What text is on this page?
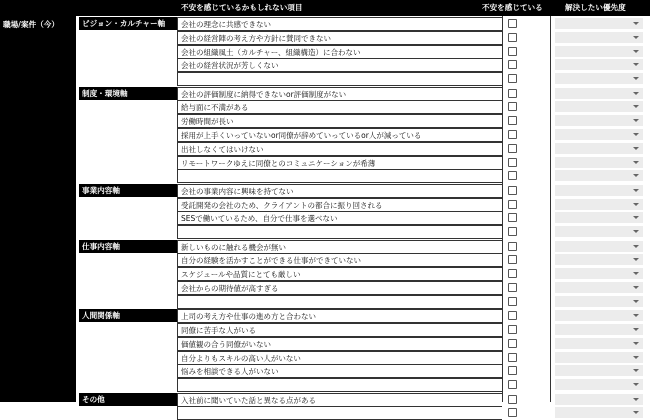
不安を感じているかもしれない項目	不安を感じている	解決したい優先度
職場/案件（今）	ビジョン・カルチャー軸	会社の理念に共感できない
会社の経営陣の考え方や方針に賛同できない
会社の組織風土（カルチャー、組織構造）に合わない
会社の経営状況が芳しくない
制度・環境軸	会社の評価制度に納得できないor評価制度がない
給与面に不満がある
労働時間が長い
採用が上手くいっていないor同僚が辞めていっているor人が減っている
出社しなくてはいけない
リモートワークゆえに同僚とのコミュニケーションが希薄
事業内容軸	会社の事業内容に興味を持てない
受託開発の会社のため、クライアントの都合に振り回される
SESで働いているため、自分で仕事を選べない
仕事内容軸	新しいものに触れる機会が無い
自分の経験を活かすことができる仕事ができていない
スケジュールや品質にとても厳しい
会社からの期待値が高すぎる
人間関係軸	上司の考え方や仕事の進め方と合わない
同僚に苦手な人がいる
価値観の合う同僚がいない
自分よりもスキルの高い人がいない
悩みを相談できる人がいない
その他	入社前に聞いていた話と異なる点がある
